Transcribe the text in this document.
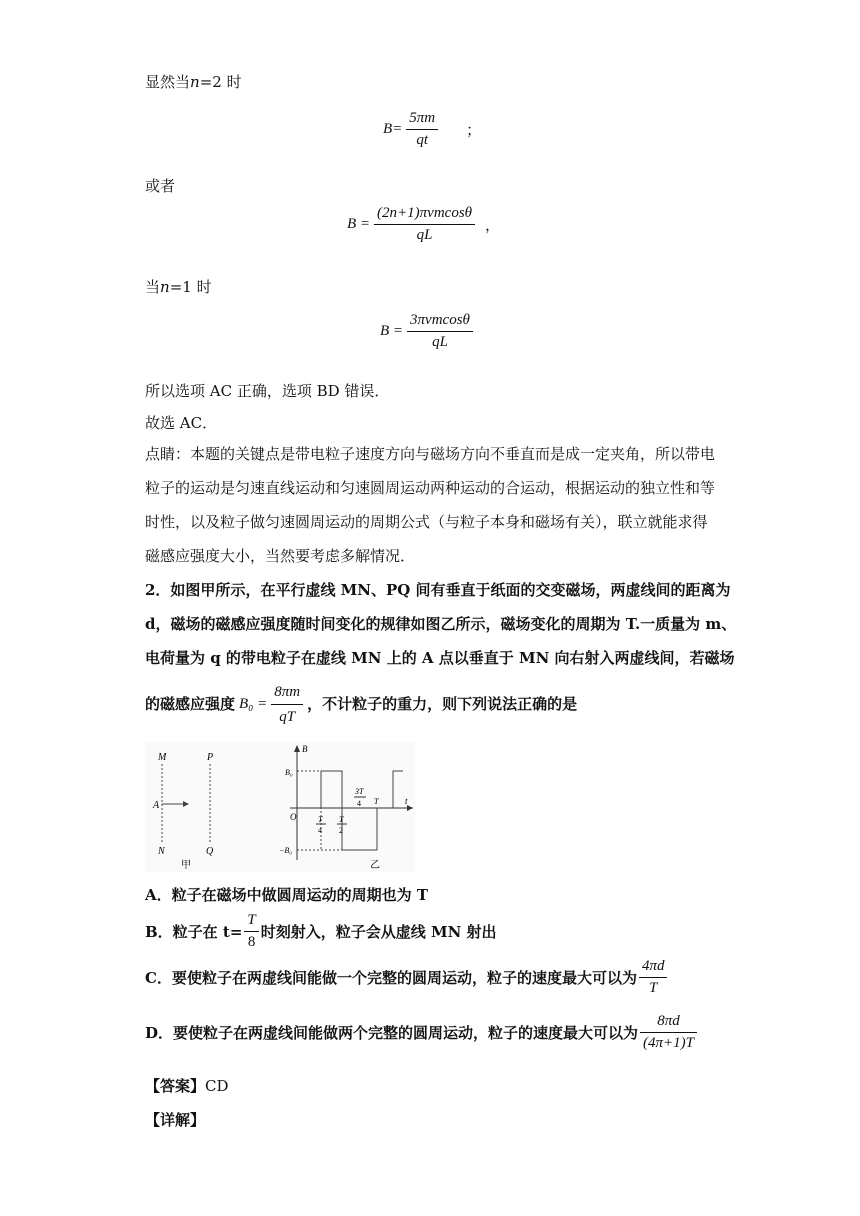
显然当n=2 时
$B= \frac{5\pi m}{qt}$ ；
或者
$B = \frac{\text{(2n+1)πvmcosθ}}{qL}$ ，
当n=1 时
$B = \frac{\text{3πvmcosθ}}{qL}$
所以选项 AC 正确，选项 BD 错误．
故选 AC．
点睛：本题的关键点是带电粒子速度方向与磁场方向不垂直而是成一定夹角，所以带电
粒子的运动是匀速直线运动和匀速圆周运动两种运动的合运动，根据运动的独立性和等
时性，以及粒子做匀速圆周运动的周期公式（与粒子本身和磁场有关），联立就能求得
磁感应强度大小，当然要考虑多解情况．
2．如图甲所示，在平行虚线 MN、PQ 间有垂直于纸面的交变磁场，两虚线间的距离为
d，磁场的磁感应强度随时间变化的规律如图乙所示，磁场变化的周期为 T.一质量为 m、
电荷量为 q 的带电粒子在虚线 MN 上的 A 点以垂直于 MN 向右射入两虚线间，若磁场
的磁感应强度 $B_0 = \frac{8\pi m}{qT}$ ，不计粒子的重力，则下列说法正确的是
M	P
A
N	Q
甲
B
t
O
B₀
−B₀
T
4
T
2
3T
4 T
乙
A．粒子在磁场中做圆周运动的周期也为 T
B．粒子在 $t= \frac{T}{8}$ 时刻射入，粒子会从虚线 MN 射出
C．要使粒子在两虚线间能做一个完整的圆周运动，粒子的速度最大可以为 $\frac{4\pi d}{T}$
D．要使粒子在两虚线间能做两个完整的圆周运动，粒子的速度最大可以为 $\frac{8\pi d}{(4\pi+1)T}$
【答案】CD
【详解】
